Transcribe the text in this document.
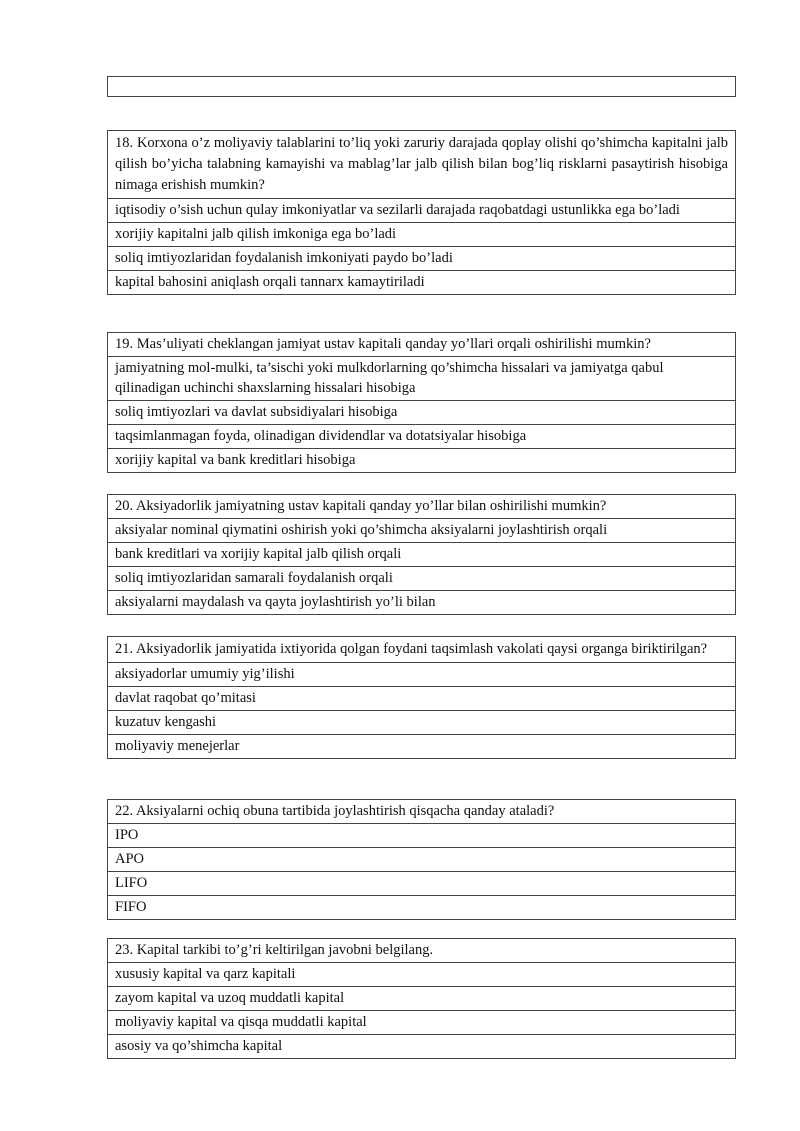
18. Korxona o’z moliyaviy talablarini to’liq yoki zaruriy darajada qoplay olishi qo’shimcha kapitalni jalb qilish bo’yicha talabning kamayishi va mablag’lar jalb qilish bilan bog’liq risklarni pasaytirish hisobiga nimaga erishish mumkin?
iqtisodiy o’sish uchun qulay imkoniyatlar va sezilarli darajada raqobatdagi ustunlikka ega bo’ladi
xorijiy kapitalni jalb qilish imkoniga ega bo’ladi
soliq imtiyozlaridan foydalanish imkoniyati paydo bo’ladi
kapital bahosini aniqlash orqali tannarx kamaytiriladi
19. Mas’uliyati cheklangan jamiyat ustav kapitali qanday yo’llari orqali oshirilishi mumkin?
jamiyatning mol-mulki, ta’sischi yoki mulkdorlarning qo’shimcha hissalari va jamiyatga qabul qilinadigan uchinchi shaxslarning hissalari hisobiga
soliq imtiyozlari va davlat subsidiyalari hisobiga
taqsimlanmagan foyda, olinadigan dividendlar va dotatsiyalar hisobiga
xorijiy kapital va bank kreditlari hisobiga
20. Aksiyadorlik jamiyatning ustav kapitali qanday yo’llar bilan oshirilishi mumkin?
aksiyalar nominal qiymatini oshirish yoki qo’shimcha aksiyalarni joylashtirish orqali
bank kreditlari va xorijiy kapital jalb qilish orqali
soliq imtiyozlaridan samarali foydalanish orqali
aksiyalarni maydalash va qayta joylashtirish yo’li bilan
21. Aksiyadorlik jamiyatida ixtiyorida qolgan foydani taqsimlash vakolati qaysi organga biriktirilgan?
aksiyadorlar umumiy yig’ilishi
davlat raqobat qo’mitasi
kuzatuv kengashi
moliyaviy menejerlar
22. Aksiyalarni ochiq obuna tartibida joylashtirish qisqacha qanday ataladi?
IPO
APO
LIFO
FIFO
23. Kapital tarkibi to’g’ri keltirilgan javobni belgilang.
xususiy kapital va qarz kapitali
zayom kapital va uzoq muddatli kapital
moliyaviy kapital va qisqa muddatli kapital
asosiy va qo’shimcha kapital
